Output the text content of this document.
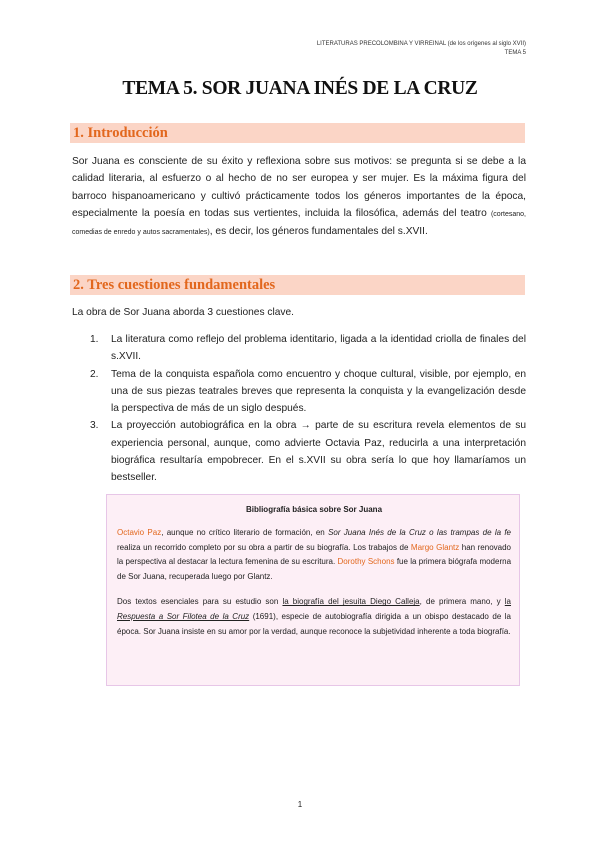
LITERATURAS PRECOLOMBINA Y VIRREINAL (de los orígenes al siglo XVII)
TEMA 5
TEMA 5. SOR JUANA INÉS DE LA CRUZ
1. Introducción
Sor Juana es consciente de su éxito y reflexiona sobre sus motivos: se pregunta si se debe a la calidad literaria, al esfuerzo o al hecho de no ser europea y ser mujer. Es la máxima figura del barroco hispanoamericano y cultivó prácticamente todos los géneros importantes de la época, especialmente la poesía en todas sus vertientes, incluida la filosófica, además del teatro (cortesano, comedias de enredo y autos sacramentales), es decir, los géneros fundamentales del s.XVII.
2. Tres cuestiones fundamentales
La obra de Sor Juana aborda 3 cuestiones clave.
1. La literatura como reflejo del problema identitario, ligada a la identidad criolla de finales del s.XVII.
2. Tema de la conquista española como encuentro y choque cultural, visible, por ejemplo, en una de sus piezas teatrales breves que representa la conquista y la evangelización desde la perspectiva de más de un siglo después.
3. La proyección autobiográfica en la obra → parte de su escritura revela elementos de su experiencia personal, aunque, como advierte Octavia Paz, reducirla a una interpretación biográfica resultaría empobrecer. En el s.XVII su obra sería lo que hoy llamaríamos un bestseller.
Bibliografía básica sobre Sor Juana

Octavio Paz, aunque no crítico literario de formación, en Sor Juana Inés de la Cruz o las trampas de la fe realiza un recorrido completo por su obra a partir de su biografía. Los trabajos de Margo Glantz han renovado la perspectiva al destacar la lectura femenina de su escritura. Dorothy Schons fue la primera biógrafa moderna de Sor Juana, recuperada luego por Glantz.

Dos textos esenciales para su estudio son la biografía del jesuita Diego Calleja, de primera mano, y la Respuesta a Sor Filotea de la Cruz (1691), especie de autobiografía dirigida a un obispo destacado de la época. Sor Juana insiste en su amor por la verdad, aunque reconoce la subjetividad inherente a toda biografía.

1
